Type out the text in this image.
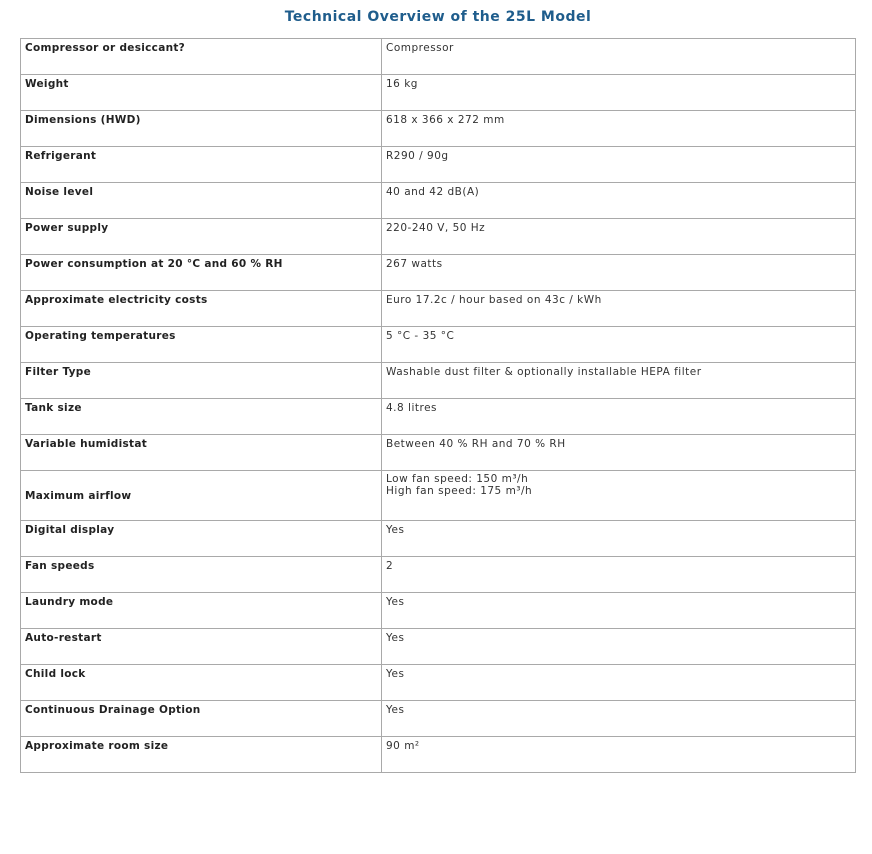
Technical Overview of the 25L Model
Compressor or desiccant?	Compressor
Weight	16 kg
Dimensions (HWD)	618 x 366 x 272 mm
Refrigerant	R290 / 90g
Noise level	40 and 42 dB(A)
Power supply	220-240 V, 50 Hz
Power consumption at 20 °C and 60 % RH	267 watts
Approximate electricity costs	Euro 17.2c / hour based on 43c / kWh
Operating temperatures	5 °C - 35 °C
Filter Type	Washable dust filter & optionally installable HEPA filter
Tank size	4.8 litres
Variable humidistat	Between 40 % RH and 70 % RH
Maximum airflow	Low fan speed: 150 m³/h
High fan speed: 175 m³/h

Digital display	Yes
Fan speeds	2
Laundry mode	Yes
Auto-restart	Yes
Child lock	Yes
Continuous Drainage Option	Yes
Approximate room size	90 m²
